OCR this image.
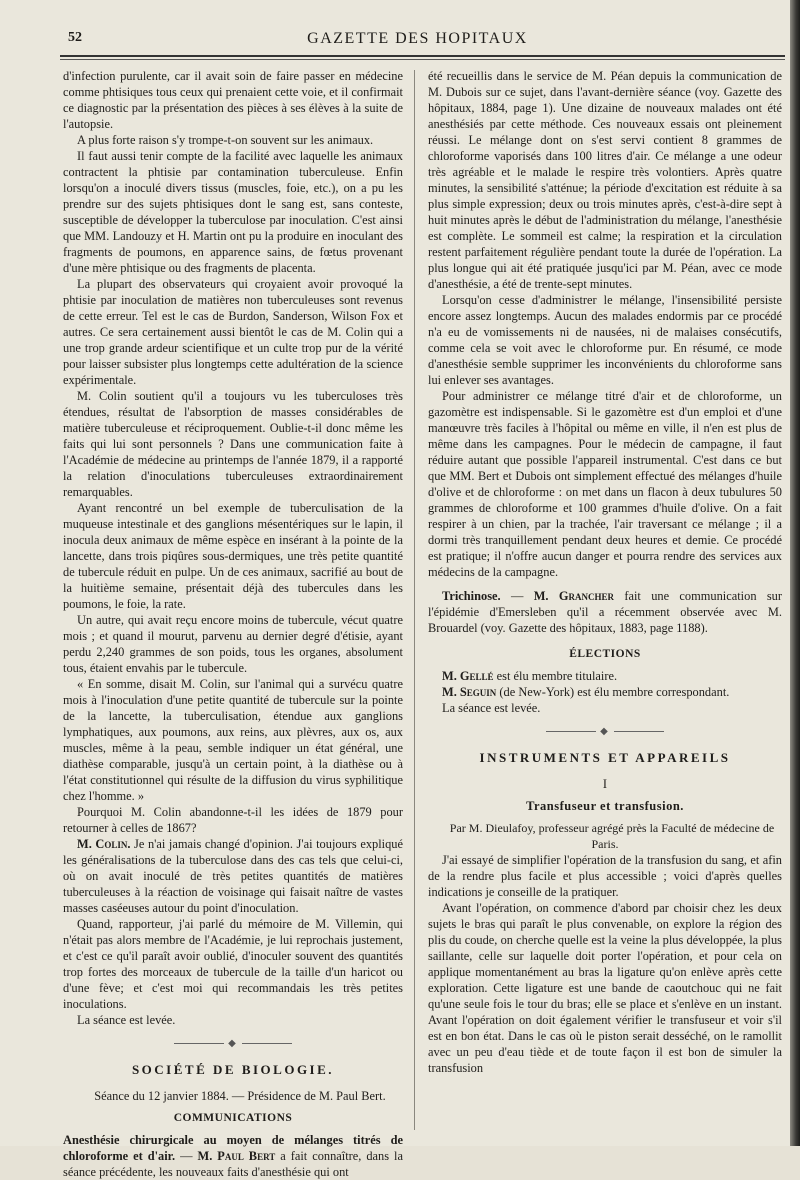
52	GAZETTE DES HOPITAUX

d'infection purulente, car il avait soin de faire passer en médecine comme phtisiques tous ceux qui prenaient cette voie, et il confirmait ce diagnostic par la présentation des pièces à ses élèves à la suite de l'autopsie.

A plus forte raison s'y trompe-t-on souvent sur les animaux.

Il faut aussi tenir compte de la facilité avec laquelle les animaux contractent la phtisie par contamination tuberculeuse. Enfin lorsqu'on a inoculé divers tissus (muscles, foie, etc.), on a pu les prendre sur des sujets phtisiques dont le sang est, sans conteste, susceptible de développer la tuberculose par inoculation. C'est ainsi que MM. Landouzy et H. Martin ont pu la produire en inoculant des fragments de poumons, en apparence sains, de fœtus provenant d'une mère phtisique ou des fragments de placenta.

La plupart des observateurs qui croyaient avoir provoqué la phtisie par inoculation de matières non tuberculeuses sont revenus de cette erreur. Tel est le cas de Burdon, Sanderson, Wilson Fox et autres. Ce sera certainement aussi bientôt le cas de M. Colin qui a une trop grande ardeur scientifique et un culte trop pur de la vérité pour laisser subsister plus longtemps cette adultération de la science expérimentale.

M. Colin soutient qu'il a toujours vu les tuberculoses très étendues, résultat de l'absorption de masses considérables de matière tuberculeuse et réciproquement. Oublie-t-il donc même les faits qui lui sont personnels ? Dans une communication faite à l'Académie de médecine au printemps de l'année 1879, il a rapporté la relation d'inoculations tuberculeuses extraordinairement remarquables.

Ayant rencontré un bel exemple de tuberculisation de la muqueuse intestinale et des ganglions mésentériques sur le lapin, il inocula deux animaux de même espèce en insérant à la pointe de la lancette, dans trois piqûres sous-dermiques, une très petite quantité de tubercule réduit en pulpe. Un de ces animaux, sacrifié au bout de la huitième semaine, présentait déjà des tubercules dans les poumons, le foie, la rate.

Un autre, qui avait reçu encore moins de tubercule, vécut quatre mois ; et quand il mourut, parvenu au dernier degré d'étisie, ayant perdu 2,240 grammes de son poids, tous les organes, absolument tous, étaient envahis par le tubercule.

« En somme, disait M. Colin, sur l'animal qui a survécu quatre mois à l'inoculation d'une petite quantité de tubercule sur la pointe de la lancette, la tuberculisation, étendue aux ganglions lymphatiques, aux poumons, aux reins, aux plèvres, aux os, aux muscles, même à la peau, semble indiquer un état général, une diathèse comparable, jusqu'à un certain point, à la diathèse ou à l'état constitutionnel qui résulte de la diffusion du virus syphilitique chez l'homme. »

Pourquoi M. Colin abandonne-t-il les idées de 1879 pour retourner à celles de 1867?

M. Colin. Je n'ai jamais changé d'opinion. J'ai toujours expliqué les généralisations de la tuberculose dans des cas tels que celui-ci, où on avait inoculé de très petites quantités de matières tuberculeuses à la réaction de voisinage qui faisait naître de vastes masses caséeuses autour du point d'inoculation.

Quand, rapporteur, j'ai parlé du mémoire de M. Villemin, qui n'était pas alors membre de l'Académie, je lui reprochais justement, et c'est ce qu'il paraît avoir oublié, d'inoculer souvent des quantités trop fortes des morceaux de tubercule de la taille d'un haricot ou d'une fève; et c'est moi qui recommandais les très petites inoculations.

La séance est levée.

◆
SOCIÉTÉ DE BIOLOGIE.

Séance du 12 janvier 1884. — Présidence de M. Paul Bert.

COMMUNICATIONS

Anesthésie chirurgicale au moyen de mélanges titrés de chloroforme et d'air. — M. Paul Bert a fait connaître, dans la séance précédente, les nouveaux faits d'anesthésie qui ont

été recueillis dans le service de M. Péan depuis la communication de M. Dubois sur ce sujet, dans l'avant-dernière séance (voy. Gazette des hôpitaux, 1884, page 1). Une dizaine de nouveaux malades ont été anesthésiés par cette méthode. Ces nouveaux essais ont pleinement réussi. Le mélange dont on s'est servi contient 8 grammes de chloroforme vaporisés dans 100 litres d'air. Ce mélange a une odeur très agréable et le malade le respire très volontiers. Après quatre minutes, la sensibilité s'atténue; la période d'excitation est réduite à sa plus simple expression; deux ou trois minutes après, c'est-à-dire sept à huit minutes après le début de l'administration du mélange, l'anesthésie est complète. Le sommeil est calme; la respiration et la circulation restent parfaitement régulière pendant toute la durée de l'opération. La plus longue qui ait été pratiquée jusqu'ici par M. Péan, avec ce mode d'anesthésie, a été de trente-sept minutes.

Lorsqu'on cesse d'administrer le mélange, l'insensibilité persiste encore assez longtemps. Aucun des malades endormis par ce procédé n'a eu de vomissements ni de nausées, ni de malaises consécutifs, comme cela se voit avec le chloroforme pur. En résumé, ce mode d'anesthésie semble supprimer les inconvénients du chloroforme sans lui enlever ses avantages.

Pour administrer ce mélange titré d'air et de chloroforme, un gazomètre est indispensable. Si le gazomètre est d'un emploi et d'une manœuvre très faciles à l'hôpital ou même en ville, il n'en est plus de même dans les campagnes. Pour le médecin de campagne, il faut réduire autant que possible l'appareil instrumental. C'est dans ce but que MM. Bert et Dubois ont simplement effectué des mélanges d'huile d'olive et de chloroforme : on met dans un flacon à deux tubulures 50 grammes de chloroforme et 100 grammes d'huile d'olive. On a fait respirer à un chien, par la trachée, l'air traversant ce mélange ; il a dormi très tranquillement pendant deux heures et demie. Ce procédé est pratique; il n'offre aucun danger et pourra rendre des services aux médecins de la campagne.

Trichinose. — M. Grancher fait une communication sur l'épidémie d'Emersleben qu'il a récemment observée avec M. Brouardel (voy. Gazette des hôpitaux, 1883, page 1188).

ÉLECTIONS

M. Gellé est élu membre titulaire.

M. Seguin (de New-York) est élu membre correspondant.

La séance est levée.

◆
INSTRUMENTS ET APPAREILS
I
Transfuseur et transfusion.

Par M. Dieulafoy, professeur agrégé près la Faculté de médecine de Paris.

J'ai essayé de simplifier l'opération de la transfusion du sang, et afin de la rendre plus facile et plus accessible ; voici d'après quelles indications je conseille de la pratiquer.

Avant l'opération, on commence d'abord par choisir chez les deux sujets le bras qui paraît le plus convenable, on explore la région des plis du coude, on cherche quelle est la veine la plus développée, la plus saillante, celle sur laquelle doit porter l'opération, et pour cela on applique momentanément au bras la ligature qu'on enlève après cette exploration. Cette ligature est une bande de caoutchouc qui ne fait qu'une seule fois le tour du bras; elle se place et s'enlève en un instant. Avant l'opération on doit également vérifier le transfuseur et voir s'il est en bon état. Dans le cas où le piston serait desséché, on le ramollit avec un peu d'eau tiède et de toute façon il est bon de simuler la transfusion
